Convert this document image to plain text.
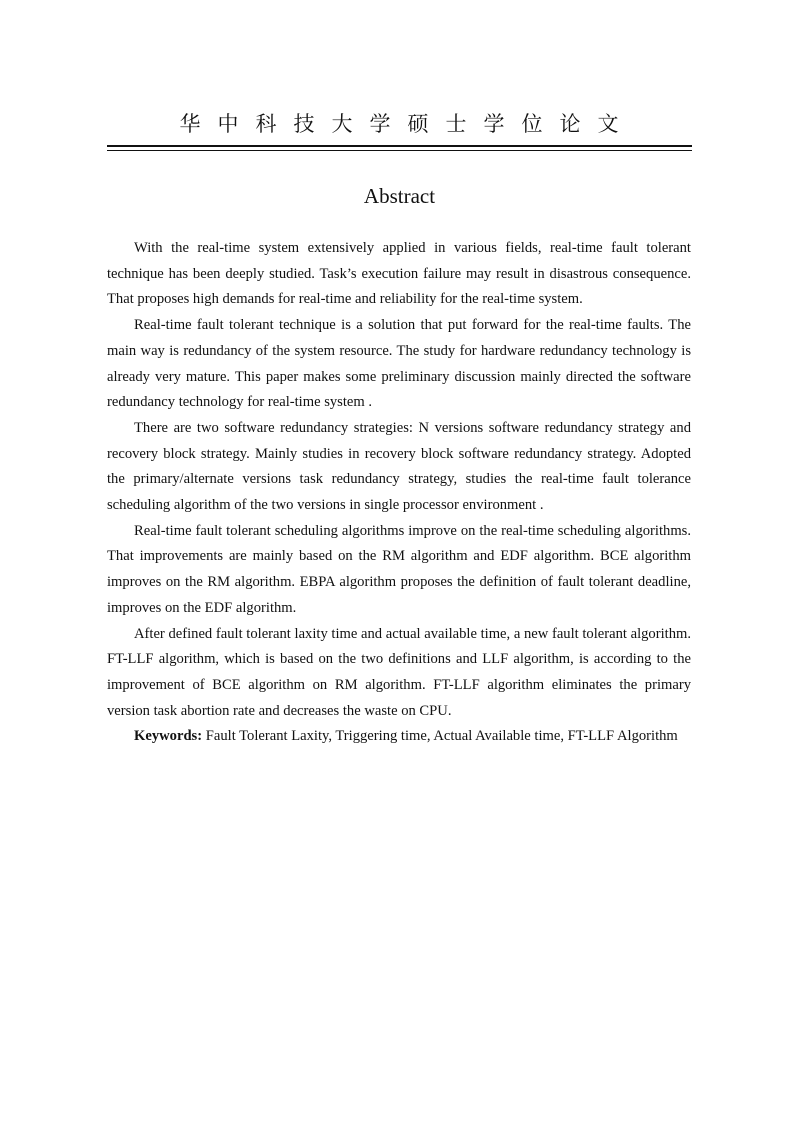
华中科技大学硕士学位论文
Abstract

With the real-time system extensively applied in various fields, real-time fault tolerant technique has been deeply studied. Task’s execution failure may result in disastrous consequence. That proposes high demands for real-time and reliability for the real-time system.

Real-time fault tolerant technique is a solution that put forward for the real-time faults. The main way is redundancy of the system resource. The study for hardware redundancy technology is already very mature. This paper makes some preliminary discussion mainly directed the software redundancy technology for real-time system .

There are two software redundancy strategies: N versions software redundancy strategy and recovery block strategy. Mainly studies in recovery block software redundancy strategy. Adopted the primary/alternate versions task redundancy strategy, studies the real-time fault tolerance scheduling algorithm of the two versions in single processor environment .

Real-time fault tolerant scheduling algorithms improve on the real-time scheduling algorithms. That improvements are mainly based on the RM algorithm and EDF algorithm. BCE algorithm improves on the RM algorithm. EBPA algorithm proposes the definition of fault tolerant deadline, improves on the EDF algorithm.

After defined fault tolerant laxity time and actual available time, a new fault tolerant algorithm. FT-LLF algorithm, which is based on the two definitions and LLF algorithm, is according to the improvement of BCE algorithm on RM algorithm. FT-LLF algorithm eliminates the primary version task abortion rate and decreases the waste on CPU.

Keywords: Fault Tolerant Laxity, Triggering time, Actual Available time, FT-LLF Algorithm
